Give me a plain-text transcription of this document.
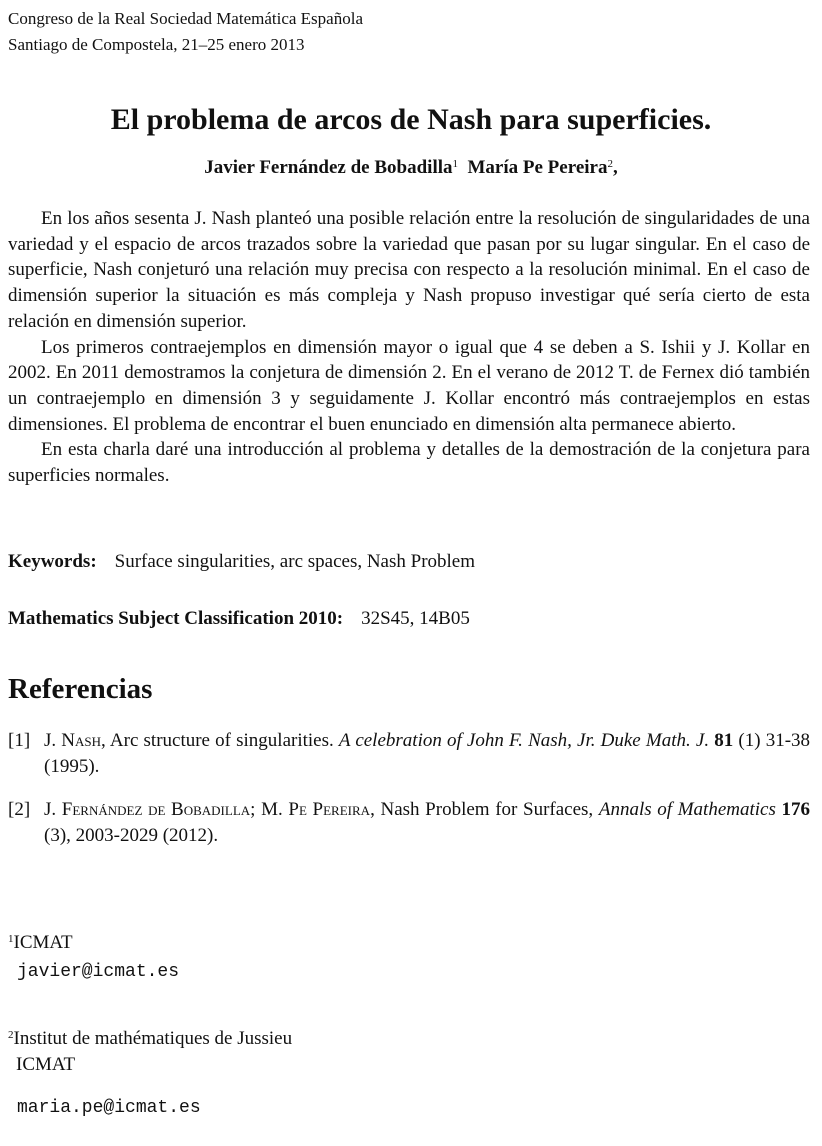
Congreso de la Real Sociedad Matemática Española
Santiago de Compostela, 21–25 enero 2013
El problema de arcos de Nash para superficies.
Javier Fernández de Bobadilla$^1$ María Pe Pereira$^2$,

En los años sesenta J. Nash planteó una posible relación entre la resolución de singularidades de una variedad y el espacio de arcos trazados sobre la variedad que pasan por su lugar singular. En el caso de superficie, Nash conjeturó una relación muy precisa con respecto a la resolución minimal. En el caso de dimensión superior la situación es más compleja y Nash propuso investigar qué sería cierto de esta relación en dimensión superior.

Los primeros contraejemplos en dimensión mayor o igual que 4 se deben a S. Ishii y J. Kollar en 2002. En 2011 demostramos la conjetura de dimensión 2. En el verano de 2012 T. de Fernex dió también un contraejemplo en dimensión 3 y seguidamente J. Kollar encontró más contraejemplos en estas dimensiones. El problema de encontrar el buen enunciado en dimensión alta permanece abierto.

En esta charla daré una introducción al problema y detalles de la demostración de la conjetura para superficies normales.

Keywords: Surface singularities, arc spaces, Nash Problem
Mathematics Subject Classification 2010: 32S45, 14B05
Referencias
[1] J. Nash, Arc structure of singularities. A celebration of John F. Nash, Jr. Duke Math. J. 81 (1) 31-38 (1995).
[2] J. Fernández de Bobadilla; M. Pe Pereira, Nash Problem for Surfaces, Annals of Mathematics 176 (3), 2003-2029 (2012).
$^1$ICMAT
javier@icmat.es
$^2$Institut de mathématiques de Jussieu
ICMAT
maria.pe@icmat.es
